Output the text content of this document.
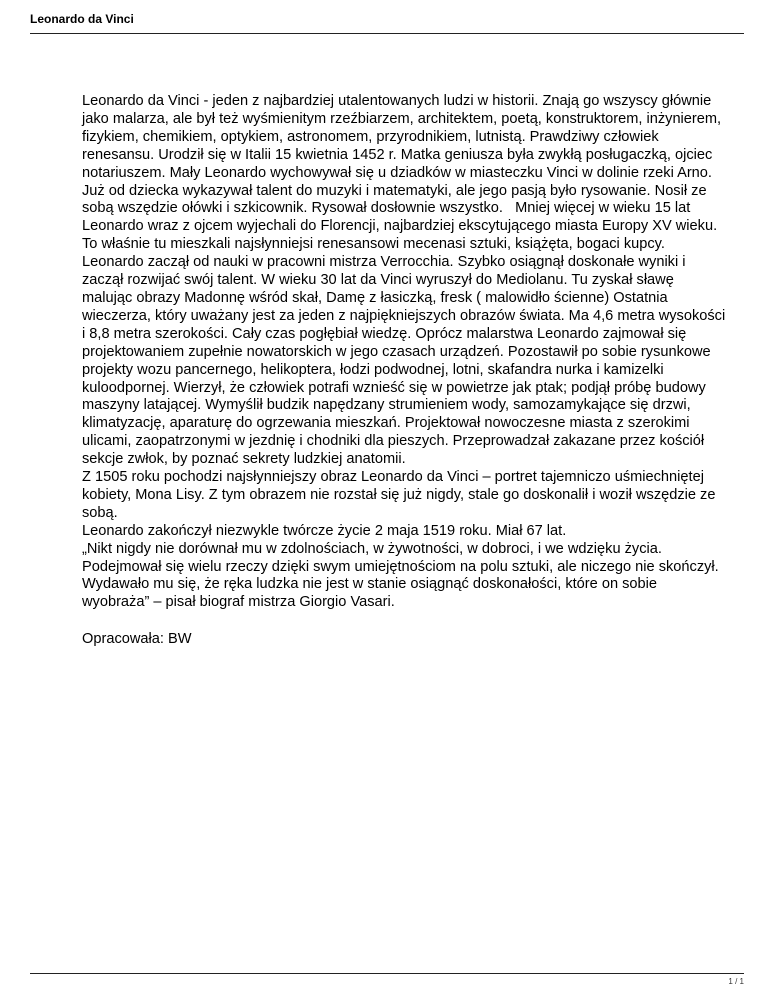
Leonardo da Vinci

Leonardo da Vinci - jeden z najbardziej utalentowanych ludzi w historii. Znają go wszyscy głównie jako malarza, ale był też wyśmienitym rzeźbiarzem, architektem, poetą, konstruktorem, inżynierem, fizykiem, chemikiem, optykiem, astronomem, przyrodnikiem, lutnistą. Prawdziwy człowiek renesansu. Urodził się w Italii 15 kwietnia 1452 r. Matka geniusza była zwykłą posługaczką, ojciec notariuszem. Mały Leonardo wychowywał się u dziadków w miasteczku Vinci w dolinie rzeki Arno. Już od dziecka wykazywał talent do muzyki i matematyki, ale jego pasją było rysowanie. Nosił ze sobą wszędzie ołówki i szkicownik. Rysował dosłownie wszystko.   Mniej więcej w wieku 15 lat Leonardo wraz z ojcem wyjechali do Florencji, najbardziej ekscytującego miasta Europy XV wieku. To właśnie tu mieszkali najsłynniejsi renesansowi mecenasi sztuki, książęta, bogaci kupcy. Leonardo zaczął od nauki w pracowni mistrza Verrocchia. Szybko osiągnął doskonałe wyniki i zaczął rozwijać swój talent. W wieku 30 lat da Vinci wyruszył do Mediolanu. Tu zyskał sławę malując obrazy Madonnę wśród skał, Damę z łasiczką, fresk ( malowidło ścienne) Ostatnia wieczerza, który uważany jest za jeden z najpiękniejszych obrazów świata. Ma 4,6 metra wysokości i 8,8 metra szerokości. Cały czas pogłębiał wiedzę. Oprócz malarstwa Leonardo zajmował się projektowaniem zupełnie nowatorskich w jego czasach urządzeń. Pozostawił po sobie rysunkowe projekty wozu pancernego, helikoptera, łodzi podwodnej, lotni, skafandra nurka i kamizelki kuloodpornej. Wierzył, że człowiek potrafi wznieść się w powietrze jak ptak; podjął próbę budowy maszyny latającej. Wymyślił budzik napędzany strumieniem wody, samozamykające się drzwi, klimatyzację, aparaturę do ogrzewania mieszkań. Projektował nowoczesne miasta z szerokimi ulicami, zaopatrzonymi w jezdnię i chodniki dla pieszych. Przeprowadzał zakazane przez kościół sekcje zwłok, by poznać sekrety ludzkiej anatomii.

Z 1505 roku pochodzi najsłynniejszy obraz Leonardo da Vinci – portret tajemniczo uśmiechniętej kobiety, Mona Lisy. Z tym obrazem nie rozstał się już nigdy, stale go doskonalił i woził wszędzie ze sobą.

Leonardo zakończył niezwykle twórcze życie 2 maja 1519 roku. Miał 67 lat.

„Nikt nigdy nie dorównał mu w zdolnościach, w żywotności, w dobroci, i we wdzięku życia. Podejmował się wielu rzeczy dzięki swym umiejętnościom na polu sztuki, ale niczego nie skończył. Wydawało mu się, że ręka ludzka nie jest w stanie osiągnąć doskonałości, które on sobie wyobraża” – pisał biograf mistrza Giorgio Vasari.

Opracowała: BW

1 / 1
